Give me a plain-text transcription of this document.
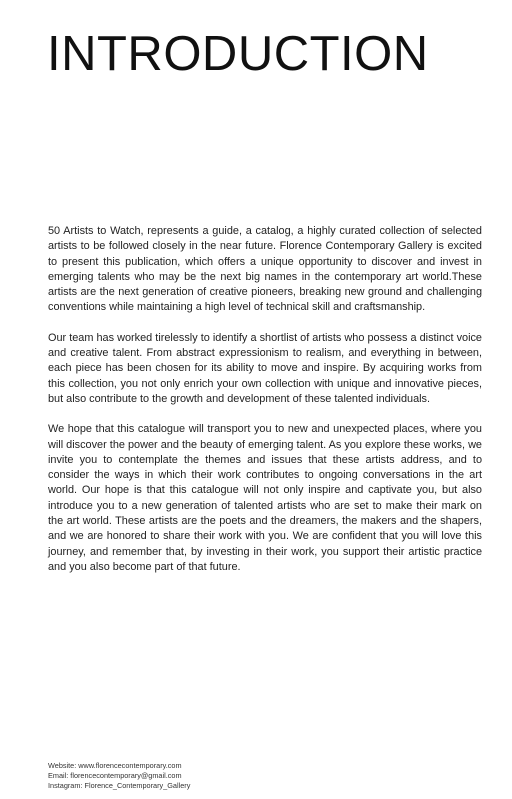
INTRODUCTION

50 Artists to Watch, represents a guide, a catalog, a highly curated collection of selected artists to be followed closely in the near future. Florence Contemporary Gallery is excited to present this publication, which offers a unique opportunity to discover and invest in emerging talents who may be the next big names in the contemporary art world.These artists are the next generation of creative pioneers, breaking new ground and challenging conventions while maintaining a high level of technical skill and craftsmanship.

Our team has worked tirelessly to identify a shortlist of artists who possess a distinct voice and creative talent. From abstract expressionism to realism, and everything in between, each piece has been chosen for its ability to move and inspire. By acquiring works from this collection, you not only enrich your own collection with unique and innovative pieces, but also contribute to the growth and development of these talented individuals.

We hope that this catalogue will transport you to new and unexpected places, where you will discover the power and the beauty of emerging talent. As you explore these works, we invite you to contemplate the themes and issues that these artists address, and to consider the ways in which their work contributes to ongoing conversations in the art world. Our hope is that this catalogue will not only inspire and captivate you, but also introduce you to a new generation of talented artists who are set to make their mark on the art world. These artists are the poets and the dreamers, the makers and the shapers, and we are honored to share their work with you. We are confident that you will love this journey, and remember that, by investing in their work, you support their artistic practice and you also become part of that future.

Website: www.florencecontemporary.com
Email: florencecontemporary@gmail.com
Instagram: Florence_Contemporary_Gallery
